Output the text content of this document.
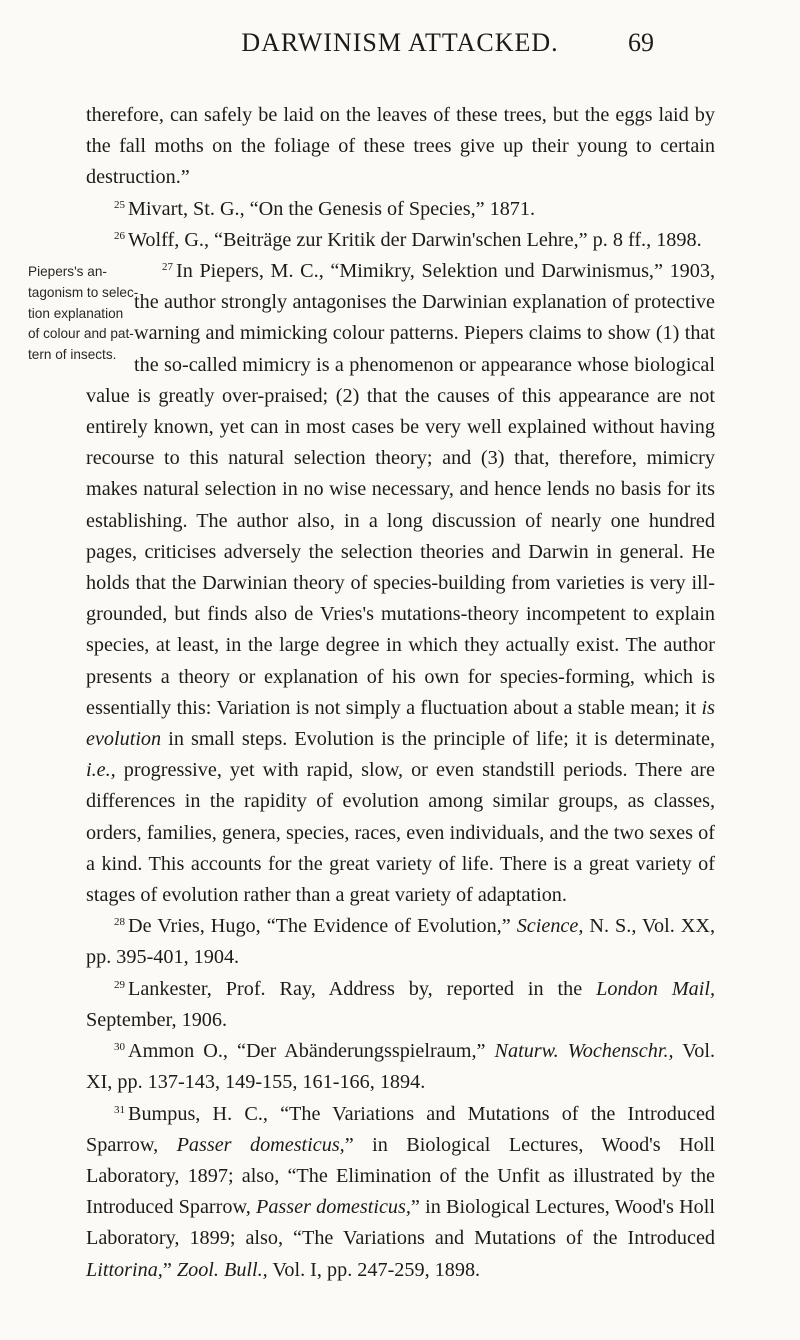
DARWINISM ATTACKED.	69

therefore, can safely be laid on the leaves of these trees, but the eggs laid by the fall moths on the foliage of these trees give up their young to certain destruction.”

$^{25}$ Mivart, St. G., “On the Genesis of Species,” 1871.

$^{26}$ Wolff, G., “Beiträge zur Kritik der Darwin'schen Lehre,” p. 8 ff., 1898.

Piepers's an-
tagonism to selec-
tion explanation
of colour and pat-
tern of insects.
$^{27}$ In Piepers, M. C., “Mimikry, Selektion und Darwinismus,” 1903, the author strongly antagonises the Darwinian explanation of protective warning and mimicking colour patterns. Piepers claims to show (1) that the so-called mimicry is a phenomenon or appearance whose biological value is greatly over-praised; (2) that the causes of this appearance are not entirely known, yet can in most cases be very well explained without having recourse to this natural selection theory; and (3) that, therefore, mimicry makes natural selection in no wise necessary, and hence lends no basis for its establishing. The author also, in a long discussion of nearly one hundred pages, criticises adversely the selection theories and Darwin in general. He holds that the Darwinian theory of species-building from varieties is very ill-grounded, but finds also de Vries's mutations-theory incompetent to explain species, at least, in the large degree in which they actually exist. The author presents a theory or explanation of his own for species-forming, which is essentially this: Variation is not simply a fluctuation about a stable mean; it is evolution in small steps. Evolution is the principle of life; it is determinate, i.e., progressive, yet with rapid, slow, or even standstill periods. There are differences in the rapidity of evolution among similar groups, as classes, orders, families, genera, species, races, even individuals, and the two sexes of a kind. This accounts for the great variety of life. There is a great variety of stages of evolution rather than a great variety of adaptation.

$^{28}$ De Vries, Hugo, “The Evidence of Evolution,” Science, N. S., Vol. XX, pp. 395-401, 1904.

$^{29}$ Lankester, Prof. Ray, Address by, reported in the London Mail, September, 1906.

$^{30}$ Ammon O., “Der Abänderungsspielraum,” Naturw. Wochenschr., Vol. XI, pp. 137-143, 149-155, 161-166, 1894.

$^{31}$ Bumpus, H. C., “The Variations and Mutations of the Introduced Sparrow, Passer domesticus,” in Biological Lectures, Wood's Holl Laboratory, 1897; also, “The Elimination of the Unfit as illustrated by the Introduced Sparrow, Passer domesticus,” in Biological Lectures, Wood's Holl Laboratory, 1899; also, “The Variations and Mutations of the Introduced Littorina,” Zool. Bull., Vol. I, pp. 247-259, 1898.
